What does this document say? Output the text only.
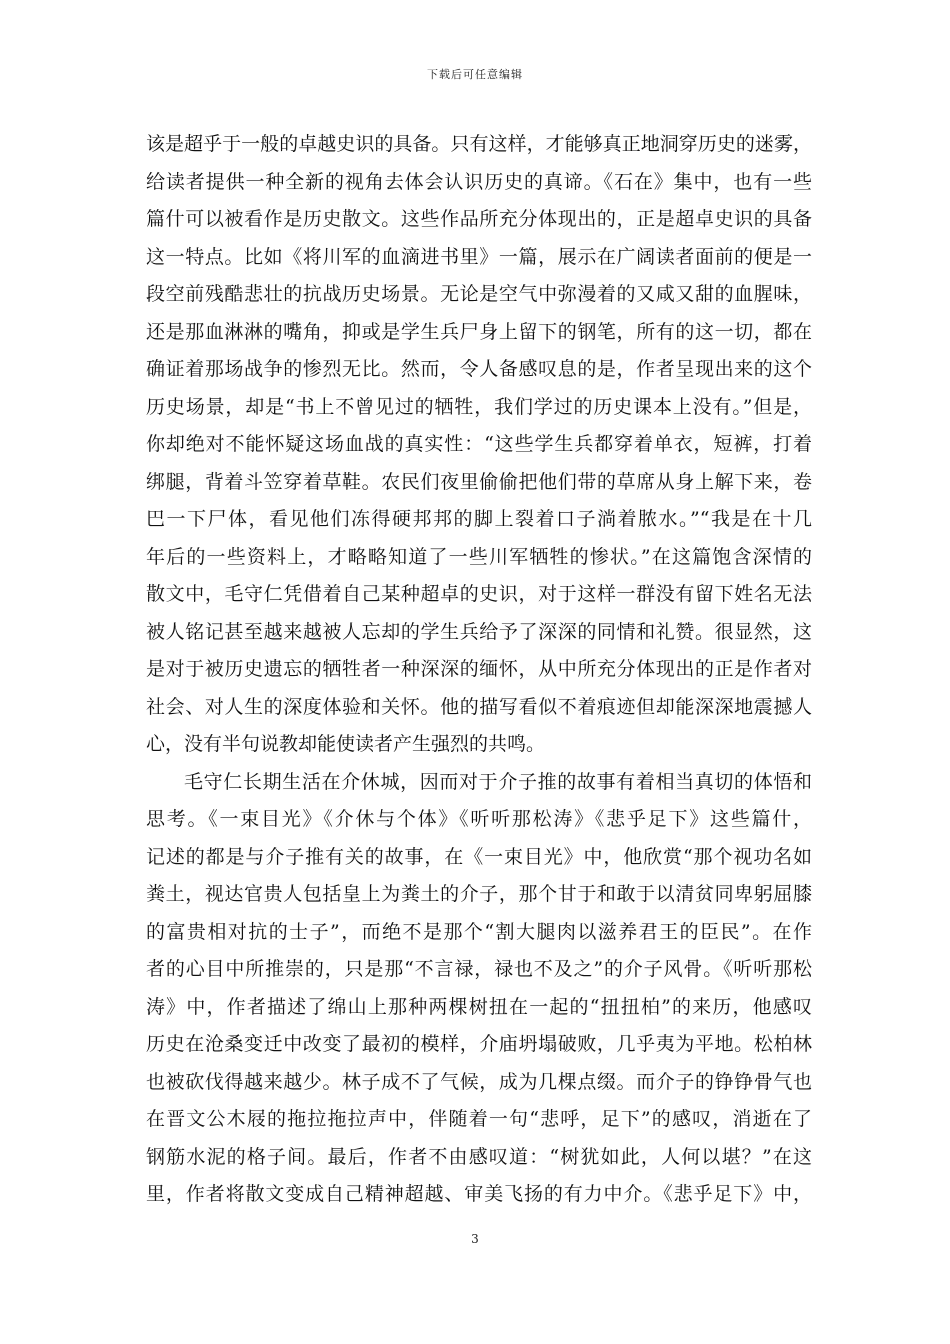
下载后可任意编辑
该是超乎于一般的卓越史识的具备。只有这样，才能够真正地洞穿历史的迷雾，
给读者提供一种全新的视角去体会认识历史的真谛。《石在》集中，也有一些
篇什可以被看作是历史散文。这些作品所充分体现出的，正是超卓史识的具备
这一特点。比如《将川军的血滴进书里》一篇，展示在广阔读者面前的便是一
段空前残酷悲壮的抗战历史场景。无论是空气中弥漫着的又咸又甜的血腥味，
还是那血淋淋的嘴角，抑或是学生兵尸身上留下的钢笔，所有的这一切，都在
确证着那场战争的惨烈无比。然而，令人备感叹息的是，作者呈现出来的这个
历史场景，却是“书上不曾见过的牺牲，我们学过的历史课本上没有。”但是，
你却绝对不能怀疑这场血战的真实性：“这些学生兵都穿着单衣，短裤，打着
绑腿，背着斗笠穿着草鞋。农民们夜里偷偷把他们带的草席从身上解下来，卷
巴一下尸体，看见他们冻得硬邦邦的脚上裂着口子淌着脓水。”“我是在十几
年后的一些资料上，才略略知道了一些川军牺牲的惨状。”在这篇饱含深情的
散文中，毛守仁凭借着自己某种超卓的史识，对于这样一群没有留下姓名无法
被人铭记甚至越来越被人忘却的学生兵给予了深深的同情和礼赞。很显然，这
是对于被历史遗忘的牺牲者一种深深的缅怀，从中所充分体现出的正是作者对
社会、对人生的深度体验和关怀。他的描写看似不着痕迹但却能深深地震撼人
心，没有半句说教却能使读者产生强烈的共鸣。
毛守仁长期生活在介休城，因而对于介子推的故事有着相当真切的体悟和
思考。《一束目光》《介休与个体》《听听那松涛》《悲乎足下》这些篇什，
记述的都是与介子推有关的故事，在《一束目光》中，他欣赏“那个视功名如
粪土，视达官贵人包括皇上为粪土的介子，那个甘于和敢于以清贫同卑躬屈膝
的富贵相对抗的士子”，而绝不是那个“割大腿肉以滋养君王的臣民”。在作
者的心目中所推崇的，只是那“不言禄，禄也不及之”的介子风骨。《听听那松
涛》中，作者描述了绵山上那种两棵树扭在一起的“扭扭柏”的来历，他感叹
历史在沧桑变迁中改变了最初的模样，介庙坍塌破败，几乎夷为平地。松柏林
也被砍伐得越来越少。林子成不了气候，成为几棵点缀。而介子的铮铮骨气也
在晋文公木屐的拖拉拖拉声中，伴随着一句“悲呼，足下”的感叹，消逝在了
钢筋水泥的格子间。最后，作者不由感叹道：“树犹如此，人何以堪？”在这
里，作者将散文变成自己精神超越、审美飞扬的有力中介。《悲乎足下》中，
3
